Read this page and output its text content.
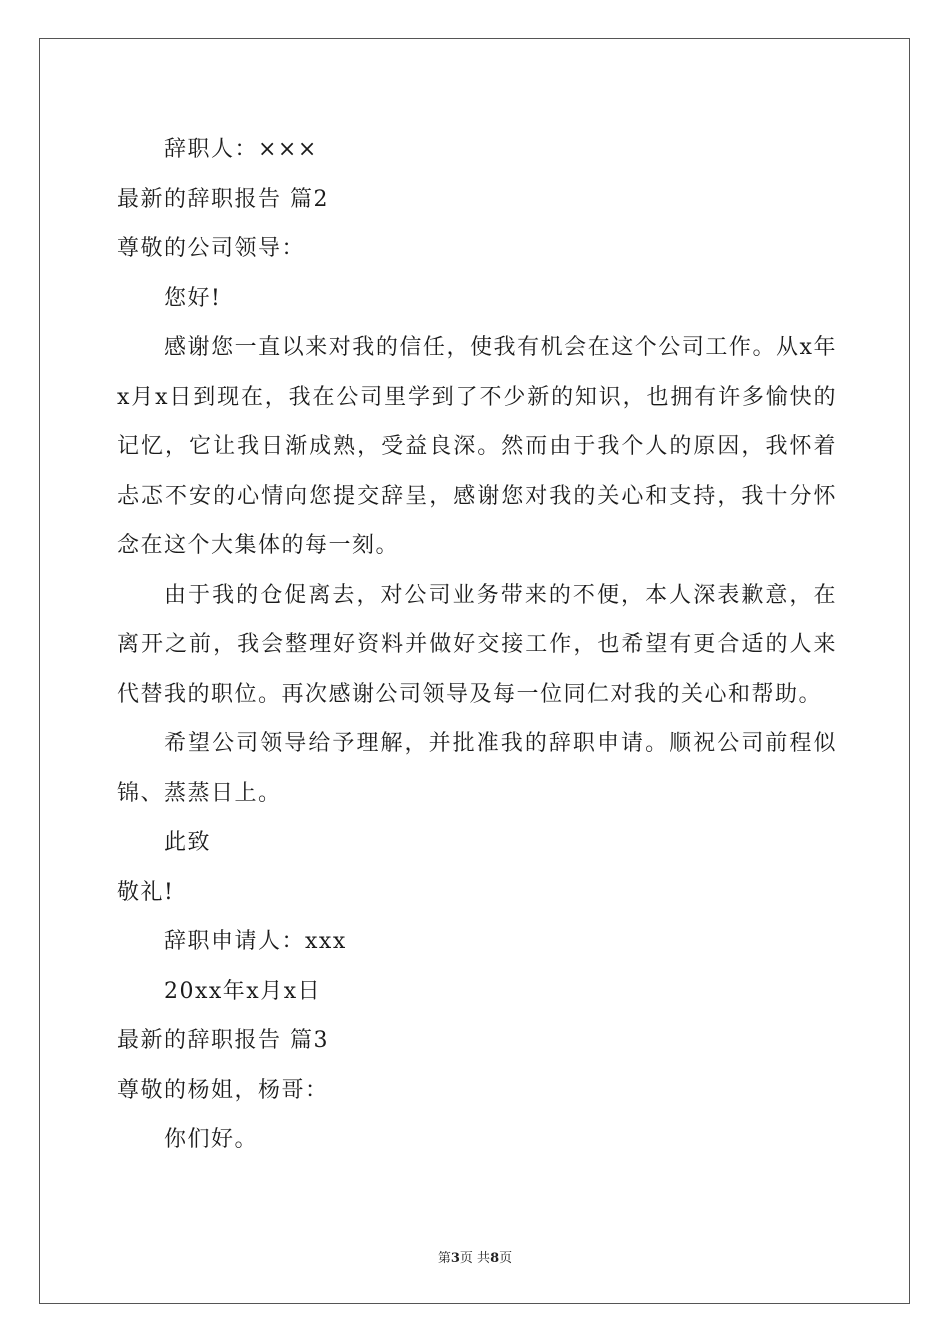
辞职人：×××
最新的辞职报告 篇2
尊敬的公司领导：
您好!
感谢您一直以来对我的信任，使我有机会在这个公司工作。从x年x月x日到现在，我在公司里学到了不少新的知识，也拥有许多愉快的记忆，它让我日渐成熟，受益良深。然而由于我个人的原因，我怀着忐忑不安的心情向您提交辞呈，感谢您对我的关心和支持，我十分怀念在这个大集体的每一刻。
由于我的仓促离去，对公司业务带来的不便，本人深表歉意，在离开之前，我会整理好资料并做好交接工作，也希望有更合适的人来代替我的职位。再次感谢公司领导及每一位同仁对我的关心和帮助。
希望公司领导给予理解，并批准我的辞职申请。顺祝公司前程似锦、蒸蒸日上。
此致
敬礼!
辞职申请人：xxx
20xx年x月x日
最新的辞职报告 篇3
尊敬的杨姐，杨哥：
你们好。
第3页 共8页
